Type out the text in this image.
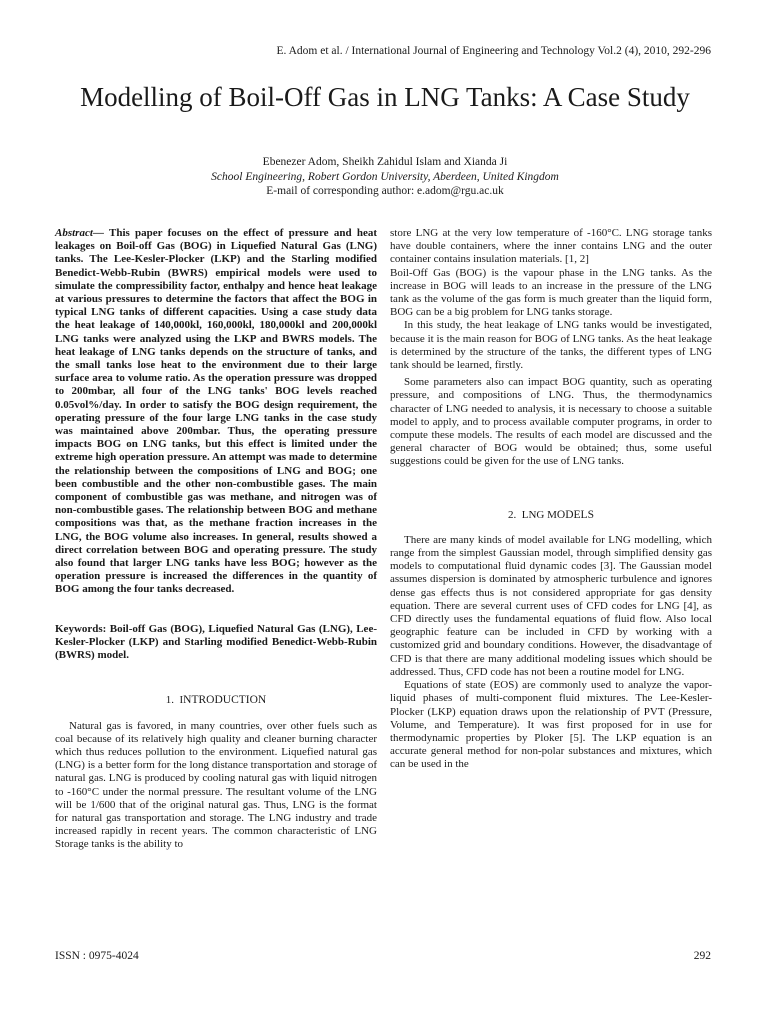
E. Adom et al. / International Journal of Engineering and Technology Vol.2 (4), 2010, 292-296
Modelling of Boil-Off Gas in LNG Tanks: A Case Study
Ebenezer Adom, Sheikh Zahidul Islam and Xianda Ji
School Engineering, Robert Gordon University, Aberdeen, United Kingdom
E-mail of corresponding author: e.adom@rgu.ac.uk

Abstract— This paper focuses on the effect of pressure and heat leakages on Boil-off Gas (BOG) in Liquefied Natural Gas (LNG) tanks. The Lee-Kesler-Plocker (LKP) and the Starling modified Benedict-Webb-Rubin (BWRS) empirical models were used to simulate the compressibility factor, enthalpy and hence heat leakage at various pressures to determine the factors that affect the BOG in typical LNG tanks of different capacities. Using a case study data the heat leakage of 140,000kl, 160,000kl, 180,000kl and 200,000kl LNG tanks were analyzed using the LKP and BWRS models. The heat leakage of LNG tanks depends on the structure of tanks, and the small tanks lose heat to the environment due to their large surface area to volume ratio. As the operation pressure was dropped to 200mbar, all four of the LNG tanks' BOG levels reached 0.05vol%/day. In order to satisfy the BOG design requirement, the operating pressure of the four large LNG tanks in the case study was maintained above 200mbar. Thus, the operating pressure impacts BOG on LNG tanks, but this effect is limited under the extreme high operation pressure. An attempt was made to determine the relationship between the compositions of LNG and BOG; one been combustible and the other non-combustible gases. The main component of combustible gas was methane, and nitrogen was of non-combustible gases. The relationship between BOG and methane compositions was that, as the methane fraction increases in the LNG, the BOG volume also increases. In general, results showed a direct correlation between BOG and operating pressure. The study also found that larger LNG tanks have less BOG; however as the operation pressure is increased the differences in the quantity of BOG among the four tanks decreased.

Keywords: Boil-off Gas (BOG), Liquefied Natural Gas (LNG), Lee-Kesler-Plocker (LKP) and Starling modified Benedict-Webb-Rubin (BWRS) model.

1. INTRODUCTION

Natural gas is favored, in many countries, over other fuels such as coal because of its relatively high quality and cleaner burning character which thus reduces pollution to the environment. Liquefied natural gas (LNG) is a better form for the long distance transportation and storage of natural gas. LNG is produced by cooling natural gas with liquid nitrogen to -160°C under the normal pressure. The resultant volume of the LNG will be 1/600 that of the original natural gas. Thus, LNG is the format for natural gas transportation and storage. The LNG industry and trade increased rapidly in recent years. The common characteristic of LNG Storage tanks is the ability to

store LNG at the very low temperature of -160°C. LNG storage tanks have double containers, where the inner contains LNG and the outer container contains insulation materials. [1, 2]

Boil-Off Gas (BOG) is the vapour phase in the LNG tanks. As the increase in BOG will leads to an increase in the pressure of the LNG tank as the volume of the gas form is much greater than the liquid form, BOG can be a big problem for LNG tanks storage.

In this study, the heat leakage of LNG tanks would be investigated, because it is the main reason for BOG of LNG tanks. As the heat leakage is determined by the structure of the tanks, the different types of LNG tank should be learned, firstly.

Some parameters also can impact BOG quantity, such as operating pressure, and compositions of LNG. Thus, the thermodynamics character of LNG needed to analysis, it is necessary to choose a suitable model to apply, and to process available computer programs, in order to compute these models. The results of each model are discussed and the general character of BOG would be obtained; thus, some useful suggestions could be given for the use of LNG tanks.

2. LNG MODELS

There are many kinds of model available for LNG modelling, which range from the simplest Gaussian model, through simplified density gas models to computational fluid dynamic codes [3]. The Gaussian model assumes dispersion is dominated by atmospheric turbulence and ignores dense gas effects thus is not considered appropriate for gas density equation. There are several current uses of CFD codes for LNG [4], as CFD directly uses the fundamental equations of fluid flow. Also local geographic feature can be included in CFD by working with a customized grid and boundary conditions. However, the disadvantage of CFD is that there are many additional modeling issues which should be addressed. Thus, CFD code has not been a routine model for LNG.

Equations of state (EOS) are commonly used to analyze the vapor-liquid phases of multi-component fluid mixtures. The Lee-Kesler-Plocker (LKP) equation draws upon the relationship of PVT (Pressure, Volume, and Temperature). It was first proposed for in use for thermodynamic properties by Ploker [5]. The LKP equation is an accurate general method for non-polar substances and mixtures, which can be used in the

ISSN : 0975-4024	292
